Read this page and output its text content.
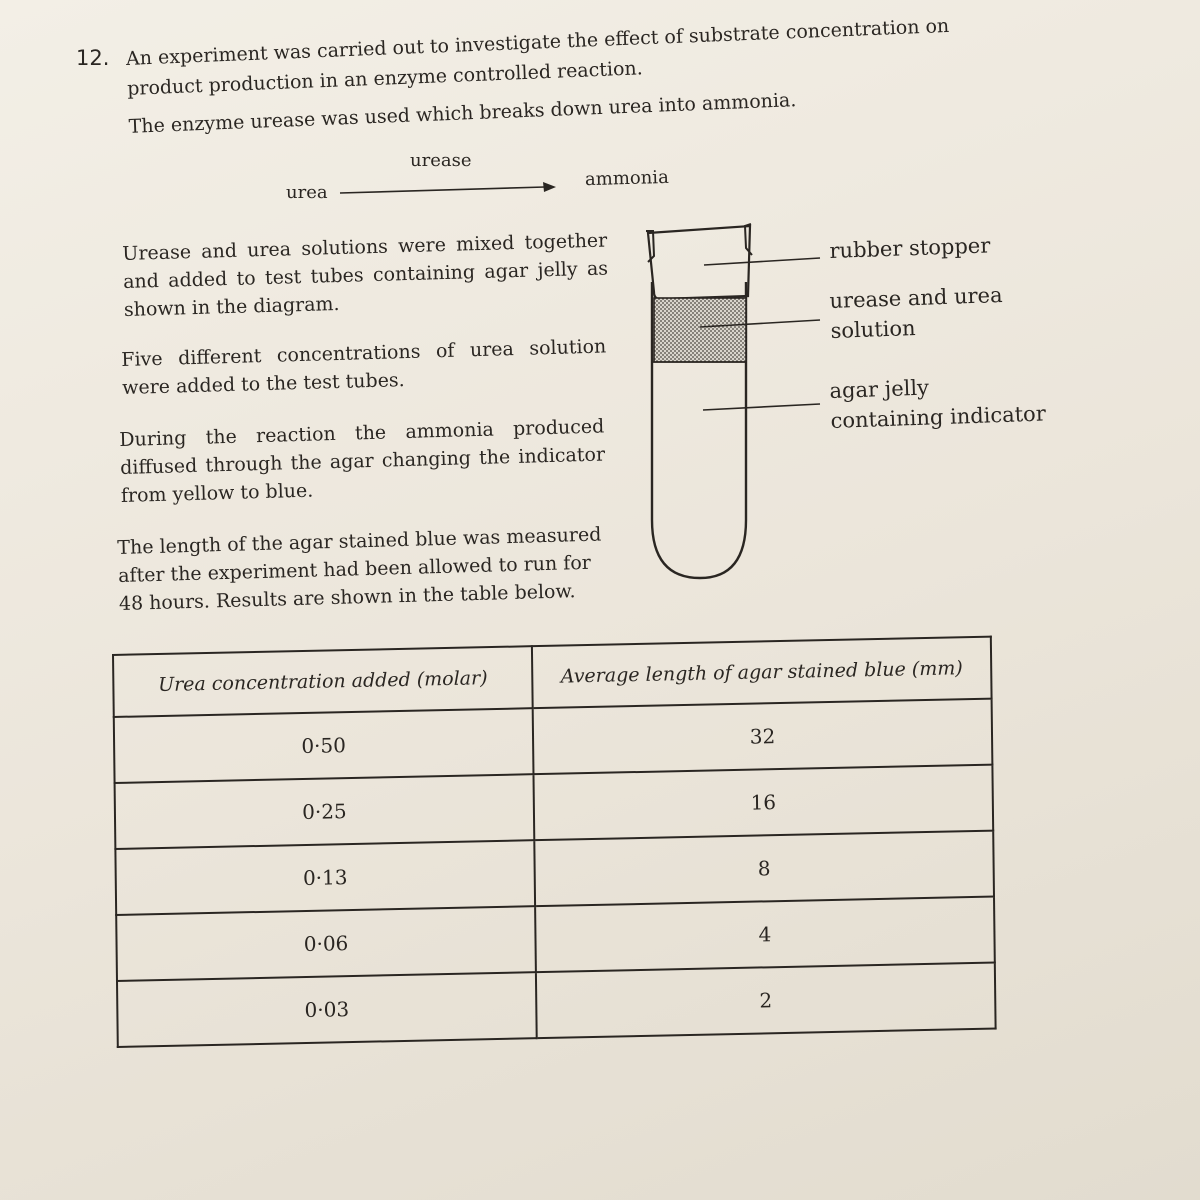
12. An experiment was carried out to investigate the effect of substrate concentration on

product production in an enzyme controlled reaction.

The enzyme urease was used which breaks down urea into ammonia.

urease
urea
ammonia
rubber stopper
urease and urea
solution
agar jelly
containing indicator
Urease and urea solutions were mixed together and added to test tubes containing agar jelly as shown in the diagram.
Five different concentrations of urea solution were added to the test tubes.
During the reaction the ammonia produced diffused through the agar changing the indicator from yellow to blue.
The length of the agar stained blue was measured after the experiment had been allowed to run for 48 hours. Results are shown in the table below.
Urea concentration added (molar)	Average length of agar stained blue (mm)
0·50	32
0·25	16
0·13	8
0·06	4
0·03	2
